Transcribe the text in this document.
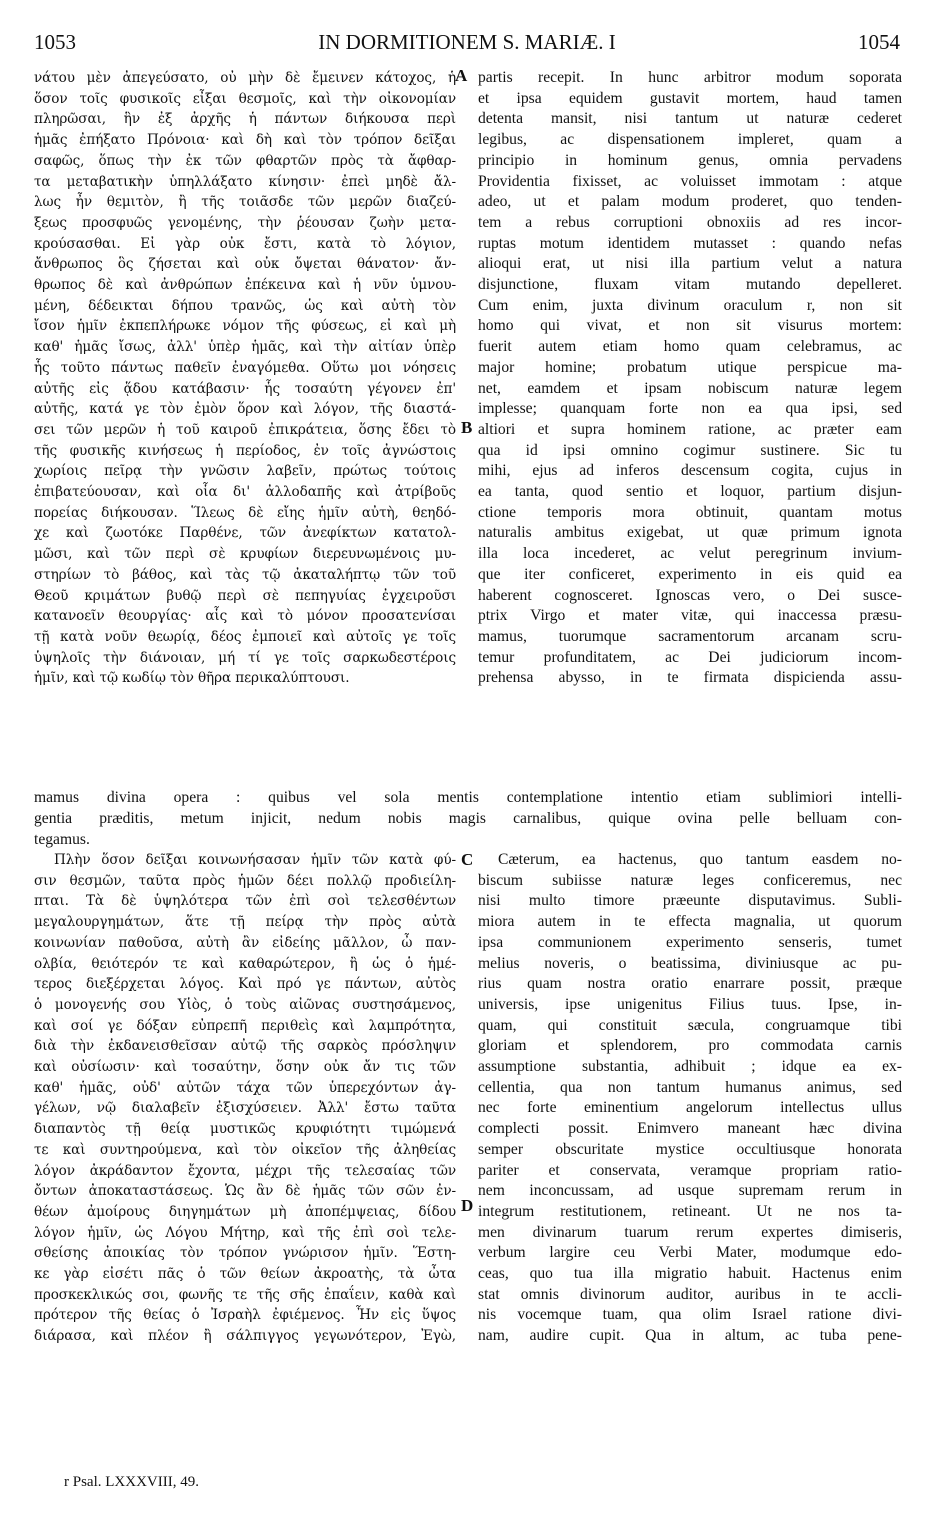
1053	IN DORMITIONEM S. MARIÆ. I	1054
νάτου μὲν ἀπεγεύσατο, οὐ μὴν δὲ ἔμεινεν κάτοχος, ἡ
ὅσον τοῖς φυσικοῖς εἶξαι θεσμοῖς, καὶ τὴν οἰκονομίαν
πληρῶσαι, ἣν ἐξ ἀρχῆς ἡ πάντων διήκουσα περὶ
ἡμᾶς ἐπήξατο Πρόνοια· καὶ δὴ καὶ τὸν τρόπον δεῖξαι
σαφῶς, ὅπως τὴν ἐκ τῶν φθαρτῶν πρὸς τὰ ἄφθαρ-
τα μεταβατικὴν ὑπηλλάξατο κίνησιν· ἐπεὶ μηδὲ ἄλ-
λως ἦν θεμιτὸν, ἢ τῆς τοιᾶσδε τῶν μερῶν διαζεύ-
ξεως προσφυῶς γενομένης, τὴν ῥέουσαν ζωὴν μετα-
κρούσασθαι. Εἰ γὰρ οὐκ ἔστι, κατὰ τὸ λόγιον,
ἄνθρωπος ὃς ζήσεται καὶ οὐκ ὄψεται θάνατον· ἄν-
θρωπος δὲ καὶ ἀνθρώπων ἐπέκεινα καὶ ἡ νῦν ὑμνου-
μένη, δέδεικται δήπου τρανῶς, ὡς καὶ αὐτὴ τὸν
ἴσον ἡμῖν ἐκπεπλήρωκε νόμον τῆς φύσεως, εἰ καὶ μὴ
καθ' ἡμᾶς ἴσως, ἀλλ' ὑπὲρ ἡμᾶς, καὶ τὴν αἰτίαν ὑπὲρ
ἧς τοῦτο πάντως παθεῖν ἐναγόμεθα. Οὕτω μοι νόησεις
αὐτῆς εἰς ᾅδου κατάβασιν· ἧς τοσαύτη γέγονεν ἐπ'
αὐτῆς, κατά γε τὸν ἐμὸν ὅρον καὶ λόγον, τῆς διαστά-
σει τῶν μερῶν ἡ τοῦ καιροῦ ἐπικράτεια, ὅσης ἔδει τὸ
τῆς φυσικῆς κινήσεως ἡ περίοδος, ἐν τοῖς ἀγνώστοις
χωρίοις πεῖρᾳ τὴν γνῶσιν λαβεῖν, πρώτως τούτοις
ἐπιβατεύουσαν, καὶ οἷα δι' ἀλλοδαπῆς καὶ ἀτρίβοῦς
πορείας διήκουσαν. Ἵλεως δὲ εἴης ἡμῖν αὐτὴ, θεηδό-
χε καὶ ζωοτόκε Παρθένε, τῶν ἀνεφίκτων κατατολ-
μῶσι, καὶ τῶν περὶ σὲ κρυφίων διερευνωμένοις μυ-
στηρίων τὸ βάθος, καὶ τὰς τῷ ἀκαταλήπτῳ τῶν τοῦ
Θεοῦ κριμάτων βυθῷ περὶ σὲ πεπηγυίας ἐγχειροῦσι
κατανοεῖν θεουργίας· αἷς καὶ τὸ μόνον προσατενίσαι
τῇ κατὰ νοῦν θεωρίᾳ, δέος ἐμποιεῖ καὶ αὐτοῖς γε τοῖς
ὑψηλοῖς τὴν διάνοιαν, μή τί γε τοῖς σαρκωδεστέροις
ἡμῖν, καὶ τῷ κωδίῳ τὸν θῆρα περικαλύπτουσι.
partis recepit. In hunc arbitror modum soporata
et ipsa equidem gustavit mortem, haud tamen
detenta mansit, nisi tantum ut naturæ cederet
legibus, ac dispensationem impleret, quam a
principio in hominum genus, omnia pervadens
Providentia fixisset, ac voluisset immotam : atque
adeo, ut et palam modum proderet, quo tenden-
tem a rebus corruptioni obnoxiis ad res incor-
ruptas motum identidem mutasset : quando nefas
alioqui erat, ut nisi illa partium velut a natura
disjunctione, fluxam vitam mutando depelleret.
Cum enim, juxta divinum oraculum r, non sit
homo qui vivat, et non sit visurus mortem:
fuerit autem etiam homo quam celebramus, ac
major homine; probatum utique perspicue ma-
net, eamdem et ipsam nobiscum naturæ legem
implesse; quanquam forte non ea qua ipsi, sed
altiori et supra hominem ratione, ac præter eam
qua id ipsi omnino cogimur sustinere. Sic tu
mihi, ejus ad inferos descensum cogita, cujus in
ea tanta, quod sentio et loquor, partium disjun-
ctione temporis mora obtinuit, quantam motus
naturalis ambitus exigebat, ut quæ primum ignota
illa loca incederet, ac velut peregrinum invium-
que iter conficeret, experimento in eis quid ea
haberent cognosceret. Ignoscas vero, o Dei susce-
ptrix Virgo et mater vitæ, qui inaccessa præsu-
mamus, tuorumque sacramentorum arcanam scru-
temur profunditatem, ac Dei judiciorum incom-
prehensa abysso, in te firmata dispicienda assu-
A
B
C
D
mamus divina opera : quibus vel sola mentis contemplatione intentio etiam sublimiori intelli-
gentia præditis, metum injicit, nedum nobis magis carnalibus, quique ovina pelle belluam con-
tegamus.
Πλὴν ὅσον δεῖξαι κοινωνήσασαν ἡμῖν τῶν κατὰ φύ-
σιν θεσμῶν, ταῦτα πρὸς ἡμῶν δέει πολλῷ προδιείλη-
πται. Τὰ δὲ ὑψηλότερα τῶν ἐπὶ σοὶ τελεσθέντων
μεγαλουργημάτων, ἅτε τῇ πείρᾳ τὴν πρὸς αὐτὰ
κοινωνίαν παθοῦσα, αὐτὴ ἂν εἰδείης μᾶλλον, ὦ παν-
ολβία, θειότερόν τε καὶ καθαρώτερον, ἢ ὡς ὁ ἡμέ-
τερος διεξέρχεται λόγος. Καὶ πρό γε πάντων, αὐτὸς
ὁ μονογενής σου Υἱὸς, ὁ τοὺς αἰῶνας συστησάμενος,
καὶ σοί γε δόξαν εὐπρεπῆ περιθεὶς καὶ λαμπρότητα,
διὰ τὴν ἐκδανεισθεῖσαν αὐτῷ τῆς σαρκὸς πρόσληψιν
καὶ οὐσίωσιν· καὶ τοσαύτην, ὅσην οὐκ ἄν τις τῶν
καθ' ἡμᾶς, οὐδ' αὐτῶν τάχα τῶν ὑπερεχόντων ἀγ-
γέλων, νῷ διαλαβεῖν ἐξισχύσειεν. Ἀλλ' ἔστω ταῦτα
διαπαντὸς τῇ θείᾳ μυστικῶς κρυφιότητι τιμώμενά
τε καὶ συντηρούμενα, καὶ τὸν οἰκεῖον τῆς ἀληθείας
λόγον ἀκράδαντον ἔχοντα, μέχρι τῆς τελεσαίας τῶν
ὄντων ἀποκαταστάσεως. Ὡς ἂν δὲ ἡμᾶς τῶν σῶν ἐν-
θέων ἀμοίρους διηγημάτων μὴ ἀποπέμψειας, δίδου
λόγον ἡμῖν, ὡς Λόγου Μήτηρ, καὶ τῆς ἐπὶ σοὶ τελε-
σθείσης ἀποικίας τὸν τρόπον γνώρισον ἡμῖν. Ἕστη-
κε γὰρ εἰσέτι πᾶς ὁ τῶν θείων ἀκροατὴς, τὰ ὦτα
προσκεκλικώς σοι, φωνῆς τε τῆς σῆς ἐπαΐειν, καθὰ καὶ
πρότερον τῆς θείας ὁ Ἰσραὴλ ἐφιέμενος. Ἦν εἰς ὕψος
διάρασα, καὶ πλέον ἢ σάλπιγγος γεγωνότερον, Ἐγὼ,
Cæterum, ea hactenus, quo tantum easdem no-
biscum subiisse naturæ leges conficeremus, nec
nisi multo timore præeunte disputavimus. Subli-
miora autem in te effecta magnalia, ut quorum
ipsa communionem experimento senseris, tumet
melius noveris, o beatissima, diviniusque ac pu-
rius quam nostra oratio enarrare possit, præque
universis, ipse unigenitus Filius tuus. Ipse, in-
quam, qui constituit sæcula, congruamque tibi
gloriam et splendorem, pro commodata carnis
assumptione substantia, adhibuit ; idque ea ex-
cellentia, qua non tantum humanus animus, sed
nec forte eminentium angelorum intellectus ullus
complecti possit. Enimvero maneant hæc divina
semper obscuritate mystice occultiusque honorata
pariter et conservata, veramque propriam ratio-
nem inconcussam, ad usque supremam rerum in
integrum restitutionem, retineant. Ut ne nos ta-
men divinarum tuarum rerum expertes dimiseris,
verbum largire ceu Verbi Mater, modumque edo-
ceas, quo tua illa migratio habuit. Hactenus enim
stat omnis divinorum auditor, auribus in te accli-
nis vocemque tuam, qua olim Israel ratione divi-
nam, audire cupit. Qua in altum, ac tuba pene-
r Psal. LXXXVIII, 49.
